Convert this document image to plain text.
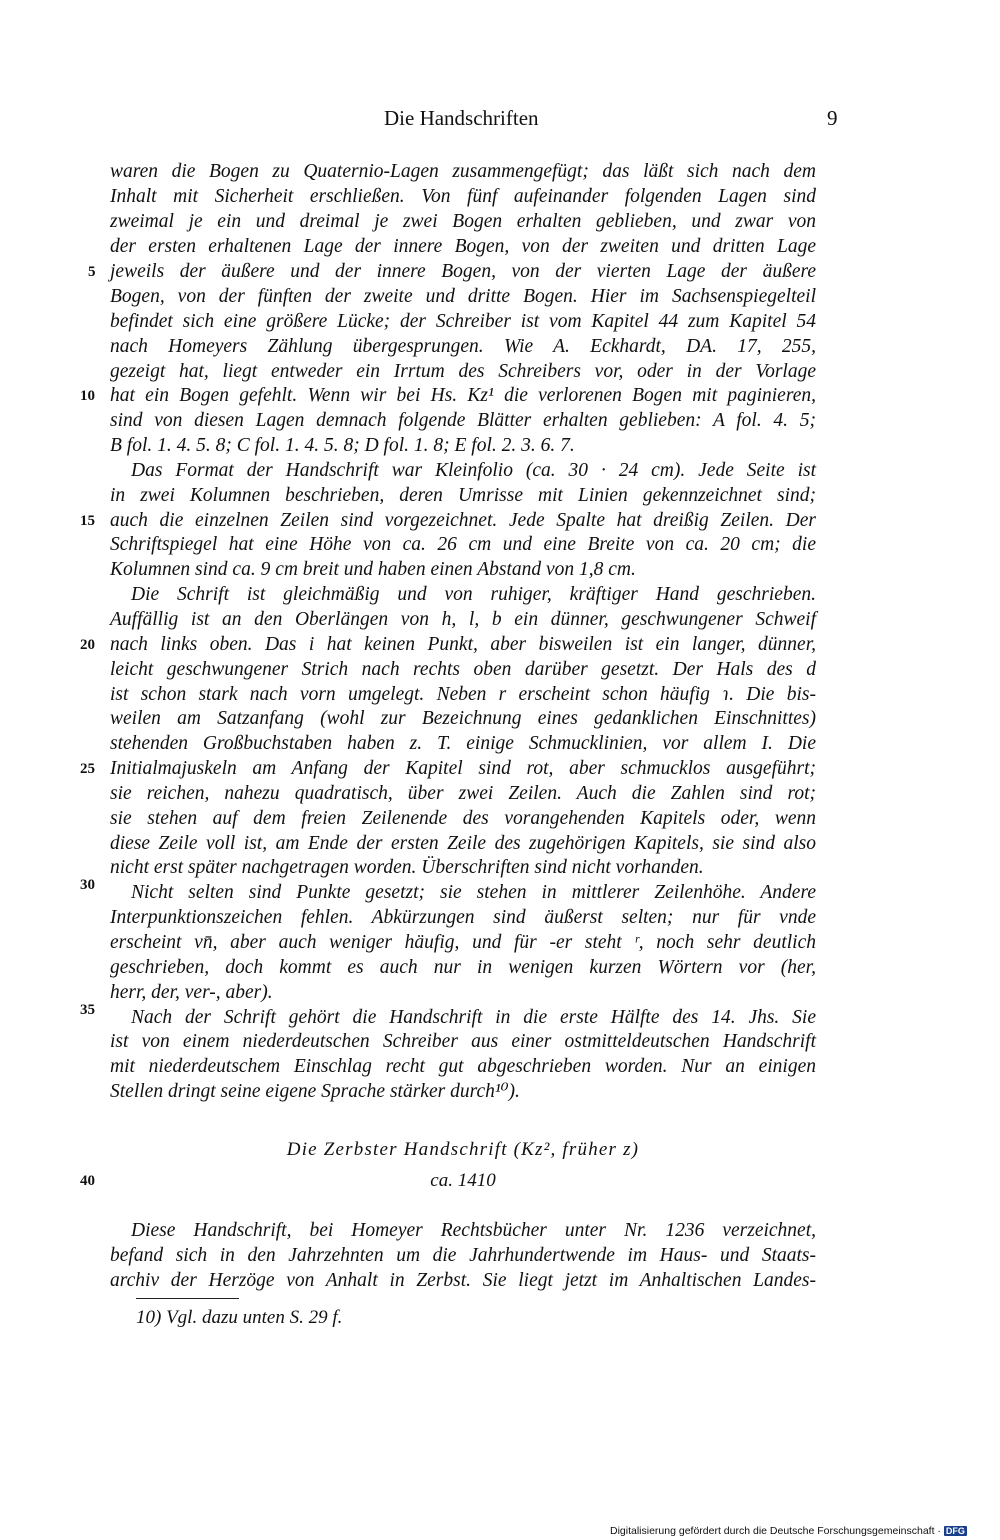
Die Handschriften	9
waren die Bogen zu Quaternio-Lagen zusammengefügt; das läßt sich nach dem
Inhalt mit Sicherheit erschließen. Von fünf aufeinander folgenden Lagen sind
zweimal je ein und dreimal je zwei Bogen erhalten geblieben, und zwar von
der ersten erhaltenen Lage der innere Bogen, von der zweiten und dritten Lage
jeweils der äußere und der innere Bogen, von der vierten Lage der äußere
Bogen, von der fünften der zweite und dritte Bogen. Hier im Sachsenspiegelteil
befindet sich eine größere Lücke; der Schreiber ist vom Kapitel 44 zum Kapitel 54
nach Homeyers Zählung übergesprungen. Wie A. Eckhardt, DA. 17, 255,
gezeigt hat, liegt entweder ein Irrtum des Schreibers vor, oder in der Vorlage
hat ein Bogen gefehlt. Wenn wir bei Hs. Kz¹ die verlorenen Bogen mit paginieren,
sind von diesen Lagen demnach folgende Blätter erhalten geblieben: A fol. 4. 5;
B fol. 1. 4. 5. 8; C fol. 1. 4. 5. 8; D fol. 1. 8; E fol. 2. 3. 6. 7.
Das Format der Handschrift war Kleinfolio (ca. 30 · 24 cm). Jede Seite ist
in zwei Kolumnen beschrieben, deren Umrisse mit Linien gekennzeichnet sind;
auch die einzelnen Zeilen sind vorgezeichnet. Jede Spalte hat dreißig Zeilen. Der
Schriftspiegel hat eine Höhe von ca. 26 cm und eine Breite von ca. 20 cm; die
Kolumnen sind ca. 9 cm breit und haben einen Abstand von 1,8 cm.
Die Schrift ist gleichmäßig und von ruhiger, kräftiger Hand geschrieben.
Auffällig ist an den Oberlängen von h, l, b ein dünner, geschwungener Schweif
nach links oben. Das i hat keinen Punkt, aber bisweilen ist ein langer, dünner,
leicht geschwungener Strich nach rechts oben darüber gesetzt. Der Hals des d
ist schon stark nach vorn umgelegt. Neben r erscheint schon häufig ɿ. Die bis-
weilen am Satzanfang (wohl zur Bezeichnung eines gedanklichen Einschnittes)
stehenden Großbuchstaben haben z. T. einige Schmucklinien, vor allem I. Die
Initialmajuskeln am Anfang der Kapitel sind rot, aber schmucklos ausgeführt;
sie reichen, nahezu quadratisch, über zwei Zeilen. Auch die Zahlen sind rot;
sie stehen auf dem freien Zeilenende des vorangehenden Kapitels oder, wenn
diese Zeile voll ist, am Ende der ersten Zeile des zugehörigen Kapitels, sie sind also
nicht erst später nachgetragen worden. Überschriften sind nicht vorhanden.
Nicht selten sind Punkte gesetzt; sie stehen in mittlerer Zeilenhöhe. Andere
Interpunktionszeichen fehlen. Abkürzungen sind äußerst selten; nur für vnde
erscheint vn̄, aber auch weniger häufig, und für -er steht ʳ, noch sehr deutlich
geschrieben, doch kommt es auch nur in wenigen kurzen Wörtern vor (her,
herr, der, ver-, aber).
Nach der Schrift gehört die Handschrift in die erste Hälfte des 14. Jhs. Sie
ist von einem niederdeutschen Schreiber aus einer ostmitteldeutschen Handschrift
mit niederdeutschem Einschlag recht gut abgeschrieben worden. Nur an einigen
Stellen dringt seine eigene Sprache stärker durch¹⁰).
Die Zerbster Handschrift (Kz², früher z)
ca. 1410
Diese Handschrift, bei Homeyer Rechtsbücher unter Nr. 1236 verzeichnet,
befand sich in den Jahrzehnten um die Jahrhundertwende im Haus- und Staats-
archiv der Herzöge von Anhalt in Zerbst. Sie liegt jetzt im Anhaltischen Landes-
5
10
15
20
25
30
35
40
10) Vgl. dazu unten S. 29 f.
Digitalisierung gefördert durch die Deutsche Forschungsgemeinschaft · DFG
